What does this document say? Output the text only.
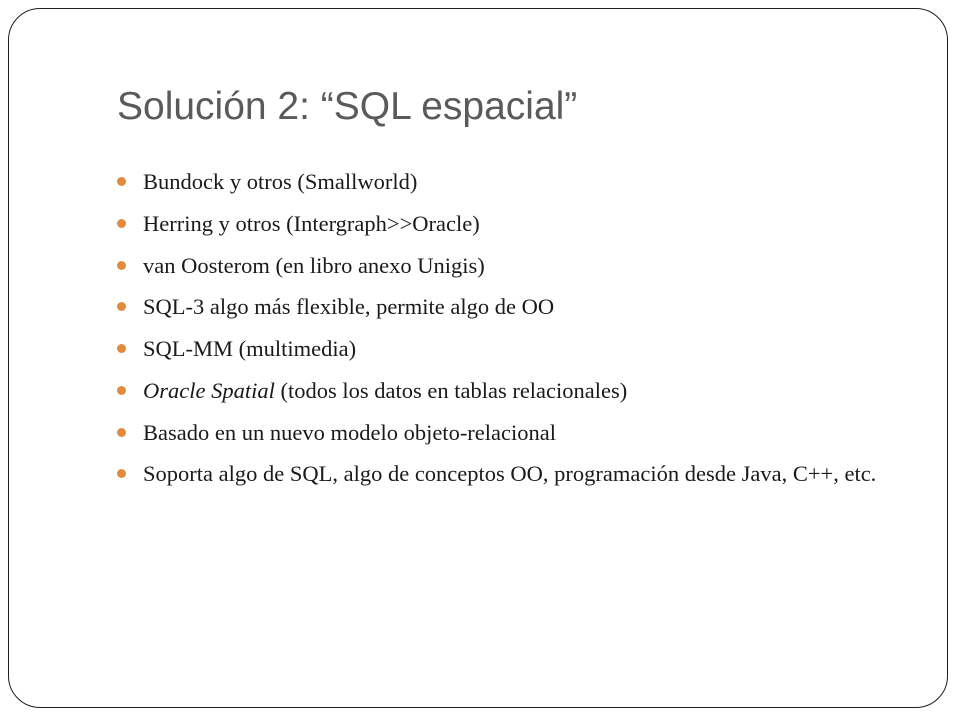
Solución 2: “SQL espacial”
Bundock y otros (Smallworld)
Herring y otros (Intergraph>>Oracle)
van Oosterom (en libro anexo Unigis)
SQL-3 algo más flexible, permite algo de OO
SQL-MM (multimedia)
Oracle Spatial (todos los datos en tablas relacionales)
Basado en un nuevo modelo objeto-relacional
Soporta algo de SQL, algo de conceptos OO, programación desde Java, C++, etc.
